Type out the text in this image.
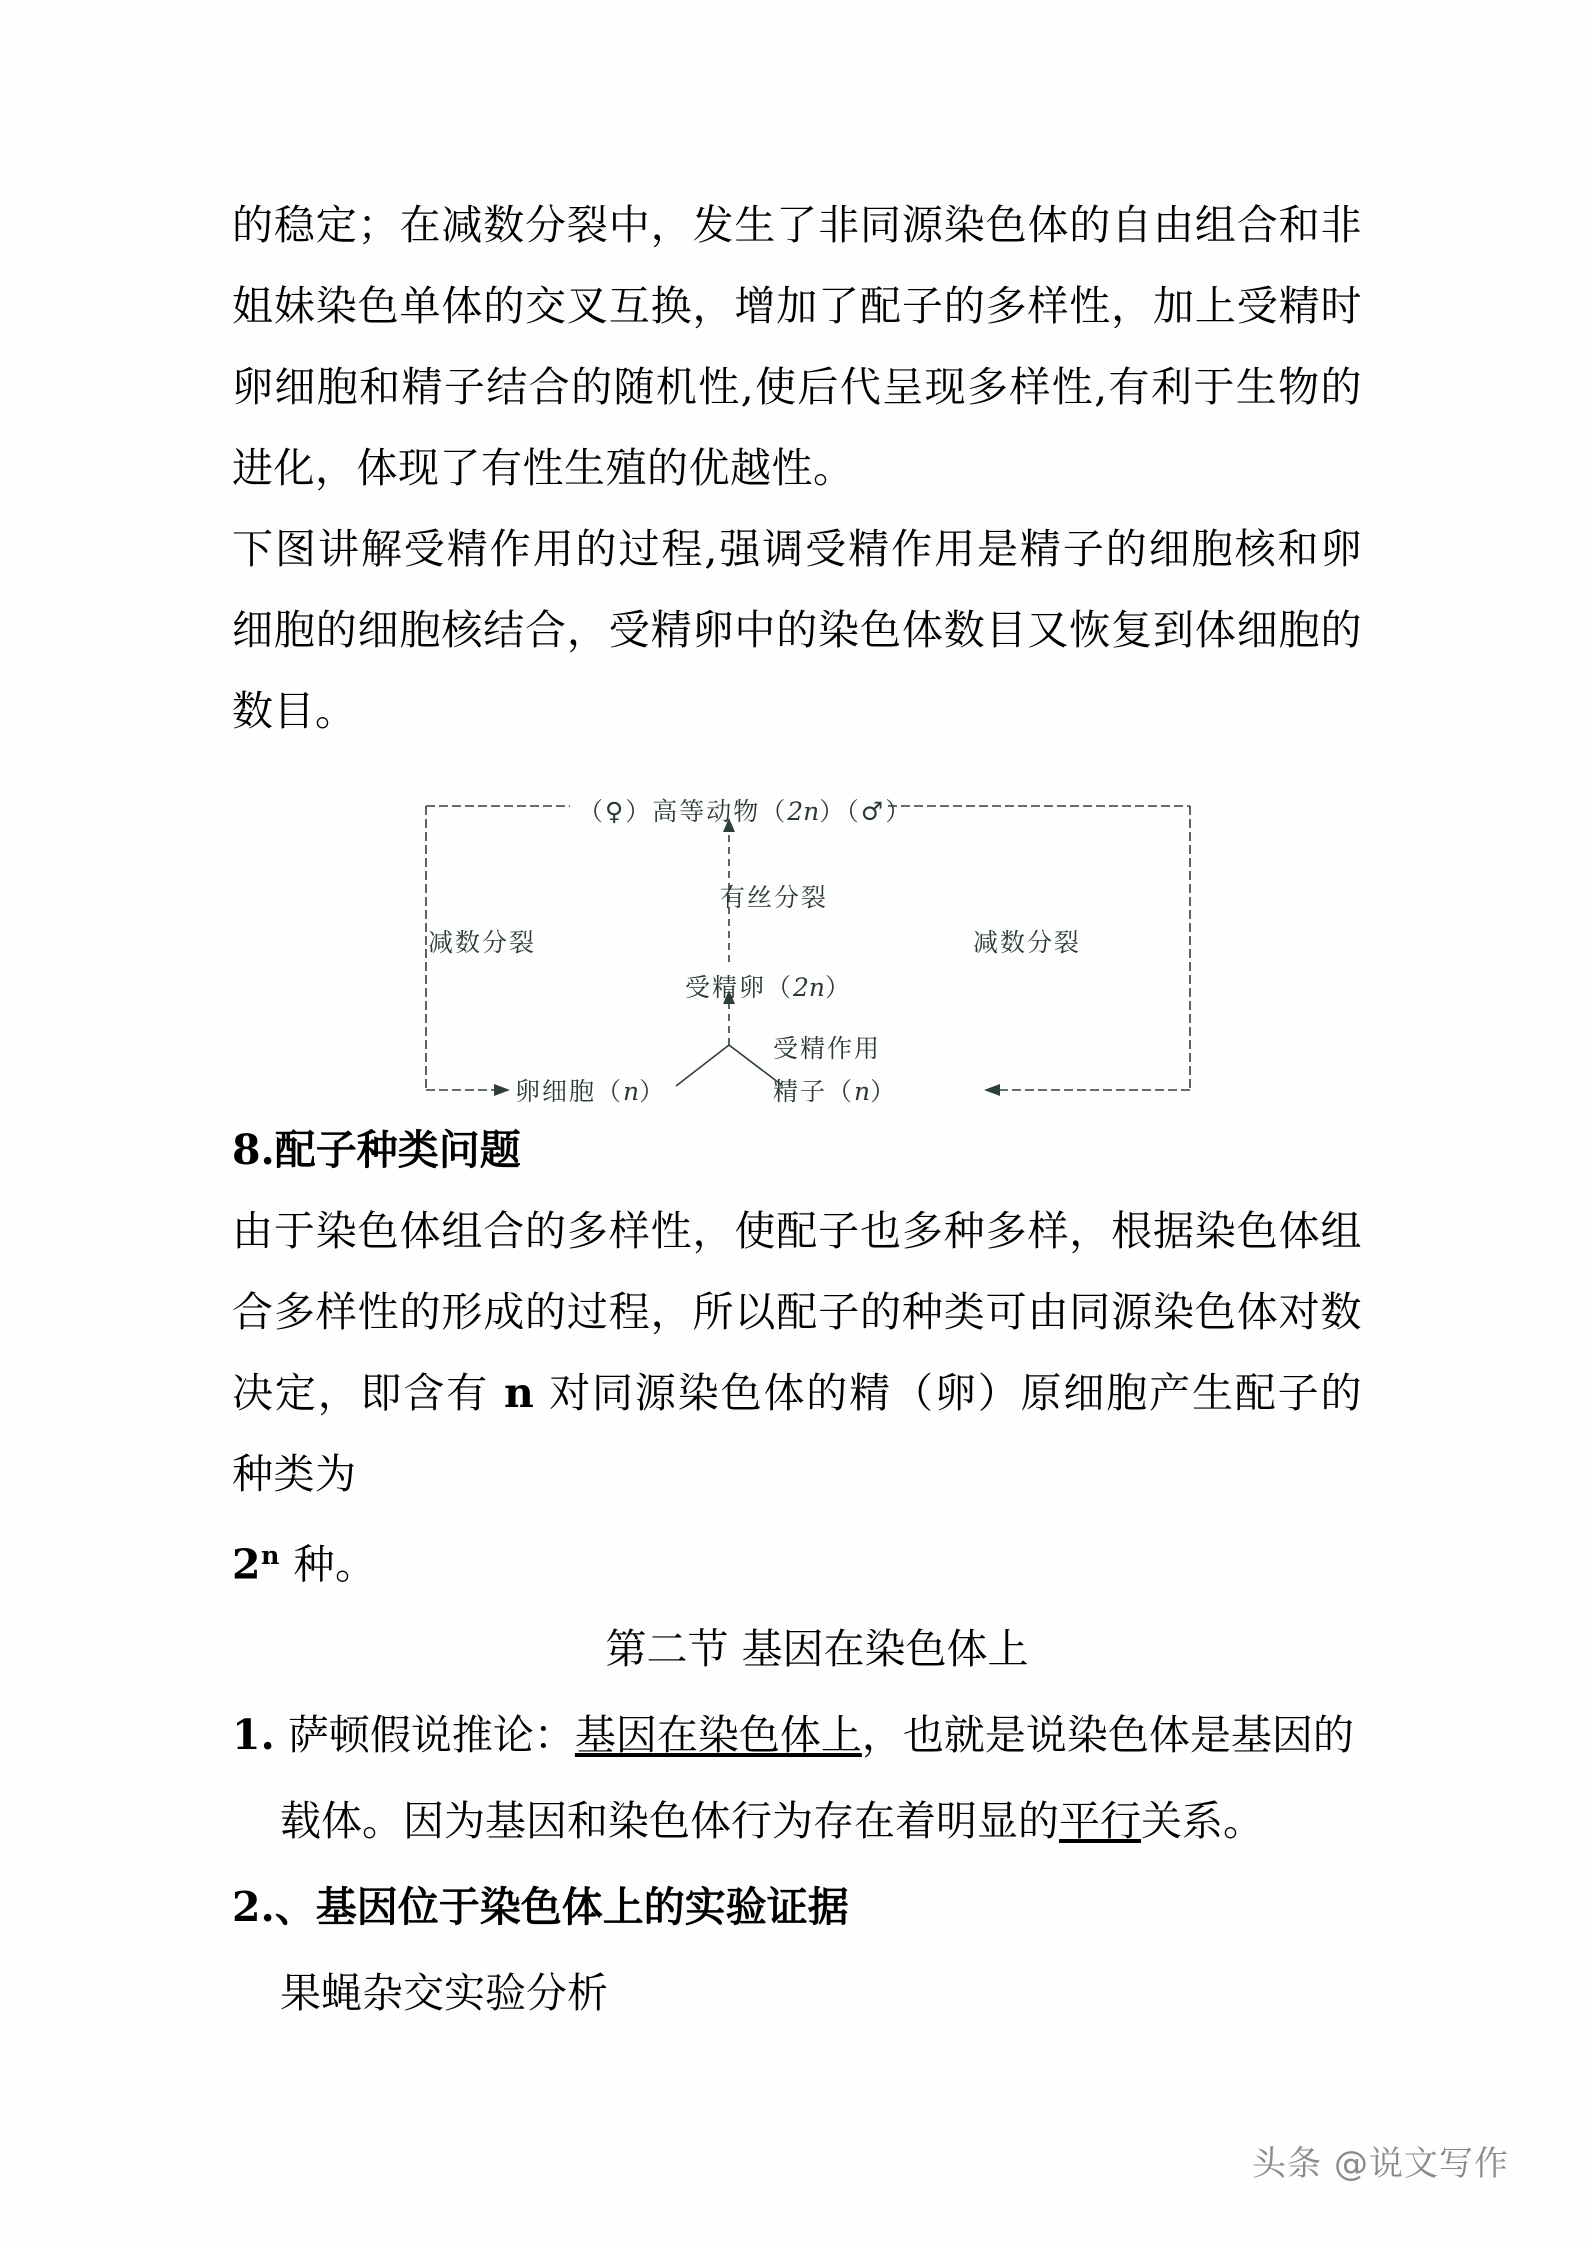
的稳定；在减数分裂中，发生了非同源染色体的自由组合和非姐妹染色单体的交叉互换，增加了配子的多样性，加上受精时卵细胞和精子结合的随机性,使后代呈现多样性,有利于生物的进化，体现了有性生殖的优越性。

下图讲解受精作用的过程,强调受精作用是精子的细胞核和卵细胞的细胞核结合，受精卵中的染色体数目又恢复到体细胞的数目。

8.配子种类问题

由于染色体组合的多样性，使配子也多种多样，根据染色体组合多样性的形成的过程，所以配子的种类可由同源染色体对数决定，即含有 n 对同源染色体的精（卵）原细胞产生配子的种类为

2$^n$ 种。

第二节 基因在染色体上

1. 萨顿假说推论：基因在染色体上，也就是说染色体是基因的

载体。因为基因和染色体行为存在着明显的平行关系。

2.、基因位于染色体上的实验证据

果蝇杂交实验分析

（♀）高等动物（2n）（♂）
有丝分裂
减数分裂	减数分裂
受精卵（2n）
受精作用
卵细胞（n）	精子（n）
头条 @说文写作
